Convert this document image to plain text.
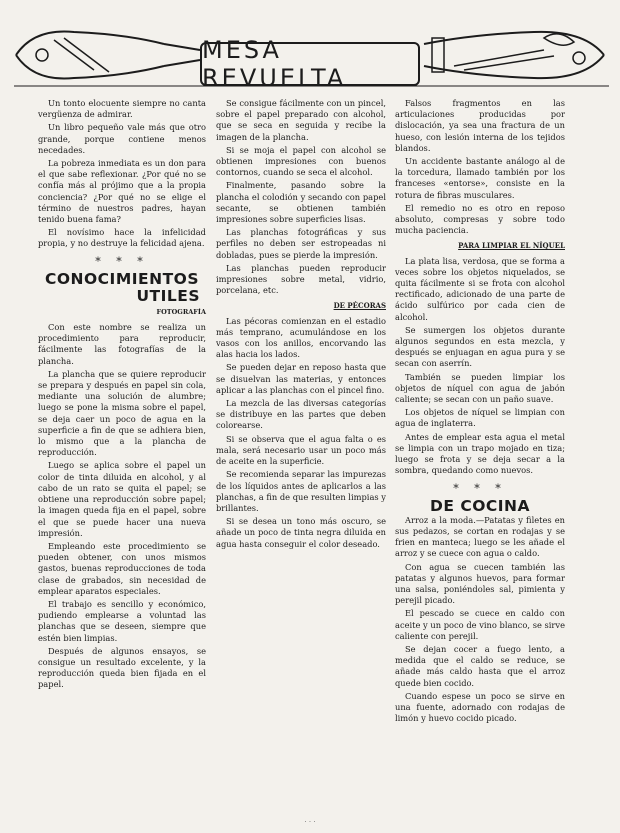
MESA REVUELTA

Un tonto elocuente siempre no canta vergüenza de admirar.

Un libro pequeño vale más que otro grande, porque contiene menos necedades.

La pobreza inmediata es un don para el que sabe reflexionar. ¿Por qué no se confía más al prójimo que a la propia conciencia? ¿Por qué no se elige el término de nuestros padres, hayan tenido buena fama?

El novísimo hace la infelicidad propia, y no destruye la felicidad ajena.

* * *
CONOCIMIENTOS
UTILES
FOTOGRAFÍA

Con este nombre se realiza un procedimiento para reproducir, fácilmente las fotografías de la plancha.

La plancha que se quiere reproducir se prepara y después en papel sin cola, mediante una solución de alumbre; luego se pone la misma sobre el papel, se deja caer un poco de agua en la superficie a fin de que se adhiera bien, lo mismo que a la plancha de reproducción.

Luego se aplica sobre el papel un color de tinta diluida en alcohol, y al cabo de un rato se quita el papel; se obtiene una reproducción sobre papel; la imagen queda fija en el papel, sobre el que se puede hacer una nueva impresión.

Empleando este procedimiento se pueden obtener, con unos mismos gastos, buenas reproducciones de toda clase de grabados, sin necesidad de emplear aparatos especiales.

El trabajo es sencillo y económico, pudiendo emplearse a voluntad las planchas que se deseen, siempre que estén bien limpias.

Después de algunos ensayos, se consigue un resultado excelente, y la reproducción queda bien fijada en el papel.

Se consigue fácilmente con un pincel, sobre el papel preparado con alcohol, que se seca en seguida y recibe la imagen de la plancha.

Si se moja el papel con alcohol se obtienen impresiones con buenos contornos, cuando se seca el alcohol.

Finalmente, pasando sobre la plancha el colodión y secando con papel secante, se obtienen también impresiones sobre superficies lisas.

Las planchas fotográficas y sus perfiles no deben ser estropeadas ni dobladas, pues se pierde la impresión.

Las planchas pueden reproducir impresiones sobre metal, vidrio, porcelana, etc.

DE PÉCORAS

Las pécoras comienzan en el estadio más temprano, acumulándose en los vasos con los anillos, encorvando las alas hacia los lados.

Se pueden dejar en reposo hasta que se disuelvan las materias, y entonces aplicar a las planchas con el pincel fino.

La mezcla de las diversas categorías se distribuye en las partes que deben colorearse.

Si se observa que el agua falta o es mala, será necesario usar un poco más de aceite en la superficie.

Se recomienda separar las impurezas de los líquidos antes de aplicarlos a las planchas, a fin de que resulten limpias y brillantes.

Si se desea un tono más oscuro, se añade un poco de tinta negra diluida en agua hasta conseguir el color deseado.

Falsos fragmentos en las articulaciones producidas por dislocación, ya sea una fractura de un hueso, con lesión interna de los tejidos blandos.

Un accidente bastante análogo al de la torcedura, llamado también por los franceses «entorse», consiste en la rotura de fibras musculares.

El remedio no es otro en reposo absoluto, compresas y sobre todo mucha paciencia.

PARA LIMPIAR EL NÍQUEL

La plata lisa, verdosa, que se forma a veces sobre los objetos niquelados, se quita fácilmente si se frota con alcohol rectificado, adicionado de una parte de ácido sulfúrico por cada cien de alcohol.

Se sumergen los objetos durante algunos segundos en esta mezcla, y después se enjuagan en agua pura y se secan con aserrín.

También se pueden limpiar los objetos de níquel con agua de jabón caliente; se secan con un paño suave.

Los objetos de níquel se limpian con agua de inglaterra.

Antes de emplear esta agua el metal se limpia con un trapo mojado en tiza; luego se frota y se deja secar a la sombra, quedando como nuevos.

* * *
DE COCINA

Arroz a la moda.—Patatas y filetes en sus pedazos, se cortan en rodajas y se frien en manteca; luego se les añade el arroz y se cuece con agua o caldo.

Con agua se cuecen también las patatas y algunos huevos, para formar una salsa, poniéndoles sal, pimienta y perejil picado.

El pescado se cuece en caldo con aceite y un poco de vino blanco, se sirve caliente con perejil.

Se dejan cocer a fuego lento, a medida que el caldo se reduce, se añade más caldo hasta que el arroz quede bien cocido.

Cuando espese un poco se sirve en una fuente, adornado con rodajas de limón y huevo cocido picado.

· · ·
